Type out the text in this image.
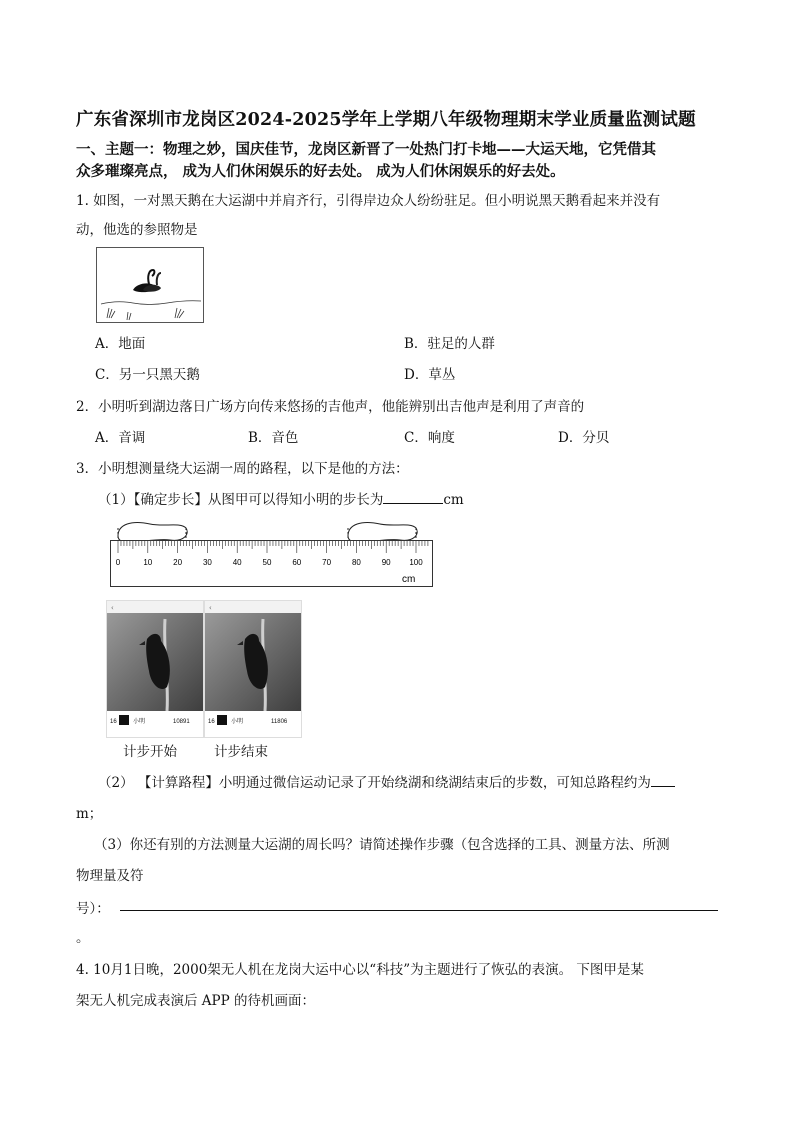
广东省深圳市龙岗区2024-2025学年上学期八年级物理期末学业质量监测试题
一、主题一：物理之妙，国庆佳节，龙岗区新晋了一处热门打卡地——大运天地，它凭借其
众多璀璨亮点， 成为人们休闲娱乐的好去处。 成为人们休闲娱乐的好去处。
1. 如图，一对黑天鹅在大运湖中并肩齐行，引得岸边众人纷纷驻足。但小明说黑天鹅看起来并没有
动，他选的参照物是
A．地面	B．驻足的人群
C．另一只黑天鹅	D．草丛
2．小明听到湖边落日广场方向传来悠扬的吉他声，他能辨别出吉他声是利用了声音的
A．音调	B．音色	C．响度	D．分贝
3．小明想测量绕大运湖一周的路程，以下是他的方法：
（1）【确定步长】从图甲可以得知小明的步长为	cm
0	10	20	30	40	50	60	70	80	90 100
cm
‹
16	小明	10891
‹
16	小明	11806
计步开始	计步结束
（2） 【计算路程】小明通过微信运动记录了开始绕湖和绕湖结束后的步数，可知总路程约为
m；
（3）你还有别的方法测量大运湖的周长吗？请简述操作步骤（包含选择的工具、测量方法、所测
物理量及符
号）：
。
4. 10月1日晚，2000架无人机在龙岗大运中心以“科技”为主题进行了恢弘的表演。 下图甲是某
架无人机完成表演后 APP 的待机画面：
